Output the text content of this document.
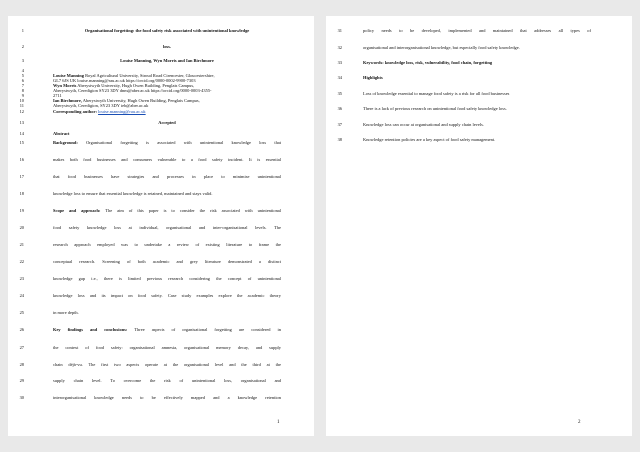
1	Organisational forgetting: the food safety risk associated with unintentional knowledge
2	loss.
3	Louise Manning, Wyn Morris and Ian Birchmore
4
5	Louise Manning Royal Agricultural University, Stroud Road Cirencester, Gloucestershire,
6	GL7 6JS UK louise.manning@rau.ac.uk https://orcid.org/0000-0002-9900-7303
7	Wyn Morris Aberystwyth University, Hugh Owen Building, Penglais Campus,
8	Aberystwyth, Ceredigion SY23 3DY dnm@aber.ac.uk https://orcid.org/0000-0003-4355-
9	2711
10	Ian Birchmore, Aberystwyth University, Hugh Owen Building, Penglais Campus,
11	Aberystwyth, Ceredigion, SY23 3DY ieb@aber.ac.uk
12	Corresponding author: louise.manning@rau.ac.uk
13	Accepted
14	Abstract
15	Background: Organisational forgetting is associated with unintentional knowledge loss that
16	makes both food businesses and consumers vulnerable to a food safety incident. It is essential
17	that food businesses have strategies and processes in place to minimise unintentional
18	knowledge loss to ensure that essential knowledge is retained, maintained and stays valid.
19	Scope and approach: The aim of this paper is to consider the risk associated with unintentional
20	food safety knowledge loss at individual, organisational and inter-organisational levels. The
21	research approach employed was to undertake a review of existing literature to frame the
22	conceptual research. Screening of both academic and grey literature demonstrated a distinct
23	knowledge gap i.e., there is limited previous research considering the concept of unintentional
24	knowledge loss and its impact on food safety. Case study examples explore the academic theory
25	in more depth.
26	Key findings and conclusions: Three aspects of organisational forgetting are considered in
27	the context of food safety: organisational amnesia, organisational memory decay, and supply
28	chain déjà-vu. The first two aspects operate at the organisational level and the third at the
29	supply chain level. To overcome the risk of unintentional loss, organisational and
30	interorganisational knowledge needs to be effectively mapped and a knowledge retention
1
31	policy needs to be developed, implemented and maintained that addresses all types of
32	organisational and interorganisational knowledge, but especially food safety knowledge.
33	Keywords: knowledge loss, risk, vulnerability, food chain, forgetting
34	Highlights
35	Loss of knowledge essential to manage food safety is a risk for all food businesses
36	There is a lack of previous research on unintentional food safety knowledge loss.
37	Knowledge loss can occur at organisational and supply chain levels.
38	Knowledge retention policies are a key aspect of food safety management.
2
